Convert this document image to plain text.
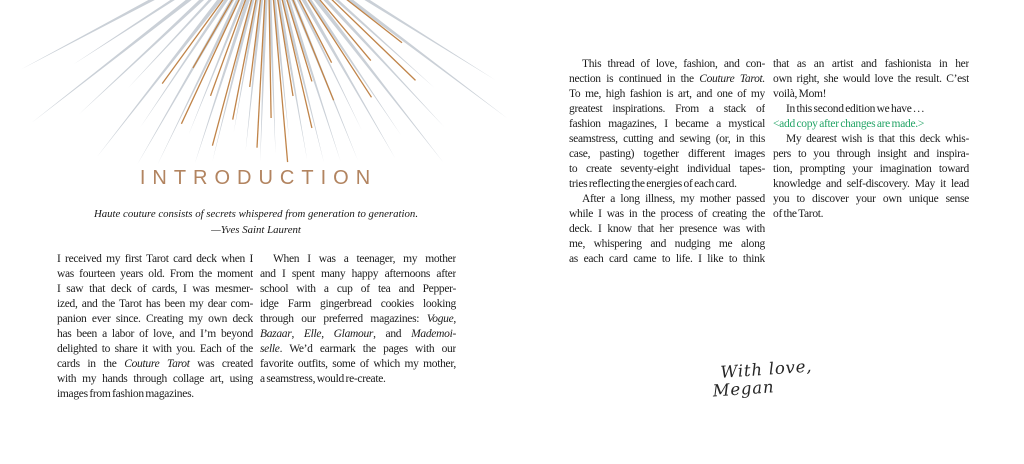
INTRODUCTION
Haute couture consists of secrets whispered from generation to generation.
—Yves Saint Laurent
I received my first Tarot card deck when I
was fourteen years old. From the moment
I saw that deck of cards, I was mesmer-
ized, and the Tarot has been my dear com-
panion ever since. Creating my own deck
has been a labor of love, and I’m beyond
delighted to share it with you. Each of the
cards in the Couture Tarot was created
with my hands through collage art, using
images from fashion magazines.
When I was a teenager, my mother
and I spent many happy afternoons after
school with a cup of tea and Pepper-
idge Farm gingerbread cookies looking
through our preferred magazines: Vogue,
Bazaar, Elle, Glamour, and Mademoi-
selle. We’d earmark the pages with our
favorite outfits, some of which my mother,
a seamstress, would re-create.
This thread of love, fashion, and con-
nection is continued in the Couture Tarot.
To me, high fashion is art, and one of my
greatest inspirations. From a stack of
fashion magazines, I became a mystical
seamstress, cutting and sewing (or, in this
case, pasting) together different images
to create seventy-eight individual tapes-
tries reflecting the energies of each card.
After a long illness, my mother passed
while I was in the process of creating the
deck. I know that her presence was with
me, whispering and nudging me along
as each card came to life. I like to think
that as an artist and fashionista in her
own right, she would love the result. C’est
voilà, Mom!
In this second edition we have . . .
<add copy after changes are made.>
My dearest wish is that this deck whis-
pers to you through insight and inspira-
tion, prompting your imagination toward
knowledge and self-discovery. May it lead
you to discover your own unique sense
of the Tarot.
With love,
Megan
